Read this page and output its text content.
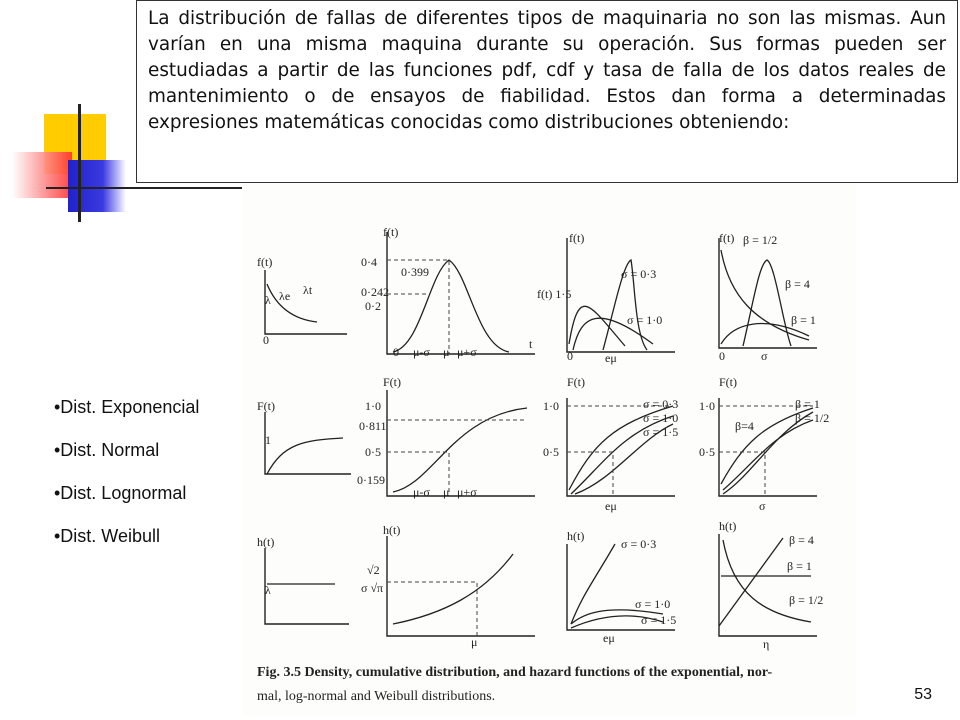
La distribución de fallas de diferentes tipos de maquinaria no son las mismas. Aun varían en una misma maquina durante su operación. Sus formas pueden ser estudiadas a partir de las funciones pdf, cdf y tasa de falla de los datos reales de mantenimiento o de ensayos de fiabilidad. Estos dan forma a determinadas expresiones matemáticas conocidas como distribuciones obteniendo:
•Dist. Exponencial
•Dist. Normal
•Dist. Lognormal
•Dist. Weibull
f(t)
λ λe λt
0
f(t)
0·4
0·399
0·242
0·2
0 μ-σ μ μ+σ
t
f(t)
f(t) 1·5
σ = 0·3
σ = 1·0
0	eμ
f(t) β = 1/2
β = 4
β = 1
0	σ
F(t)
1
F(t)
1·0
0·811
0·5
0·159
μ-σ μ μ+σ
F(t)
1·0
0·5
σ = 0·3
σ = 1·0
σ = 1·5
eμ
F(t)
1·0
0·5
β = 1
β = 1/2
β=4
σ
h(t)
λ
h(t)
√2
σ √π
μ
h(t)
σ = 0·3
σ = 1·0
σ = 1·5
eμ
h(t)
β = 4
β = 1
β = 1/2
η
Fig. 3.5 Density, cumulative distribution, and hazard functions of the exponential, nor-
mal, log-normal and Weibull distributions.	53
